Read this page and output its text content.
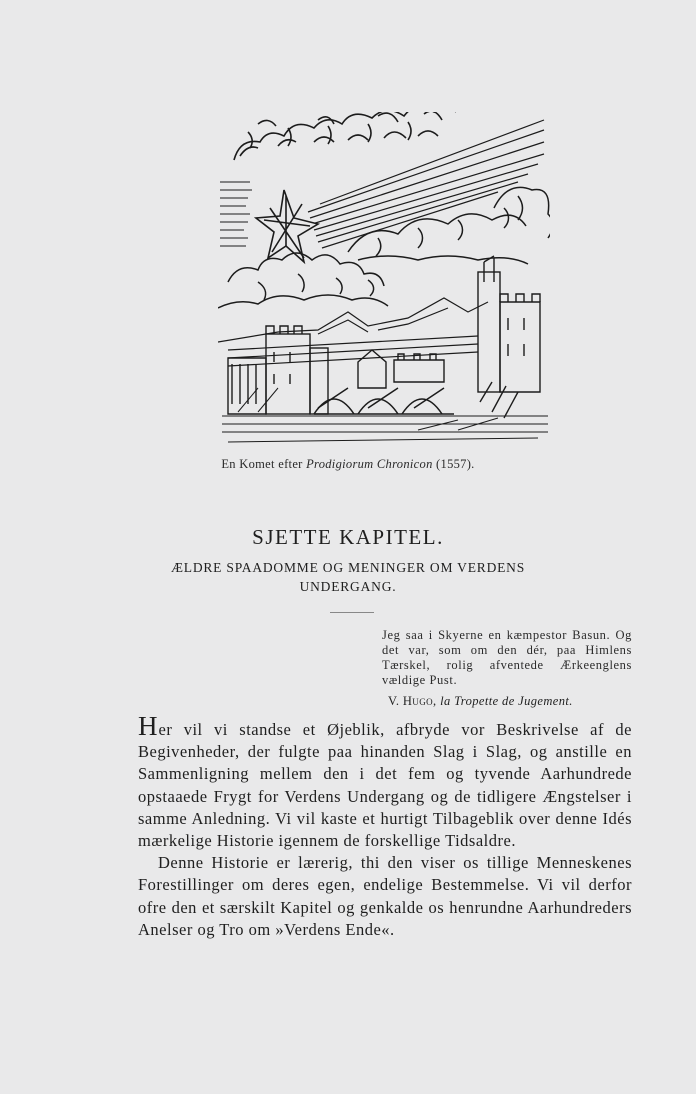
En Komet efter Prodigiorum Chronicon (1557).
SJETTE KAPITEL.

ÆLDRE SPAADOMME OG MENINGER OM VERDENS UNDERGANG.

Jeg saa i Skyerne en kæmpestor Basun. Og det var, som om den dér, paa Himlens Tærskel, rolig afventede Ærkeenglens vældige Pust.
V. Hugo, la Tropette de Jugement.

Her vil vi standse et Øjeblik, afbryde vor Beskrivelse af de Begivenheder, der fulgte paa hinanden Slag i Slag, og anstille en Sammenligning mellem den i det fem og tyvende Aarhundrede opstaaede Frygt for Verdens Undergang og de tidligere Ængstelser i samme Anledning. Vi vil kaste et hurtigt Tilbageblik over denne Idés mærkelige Historie igennem de forskellige Tidsaldre.

Denne Historie er lærerig, thi den viser os tillige Menneskenes Forestillinger om deres egen, endelige Bestemmelse. Vi vil derfor ofre den et særskilt Kapitel og genkalde os henrundne Aarhundreders Anelser og Tro om »Verdens Ende«.
